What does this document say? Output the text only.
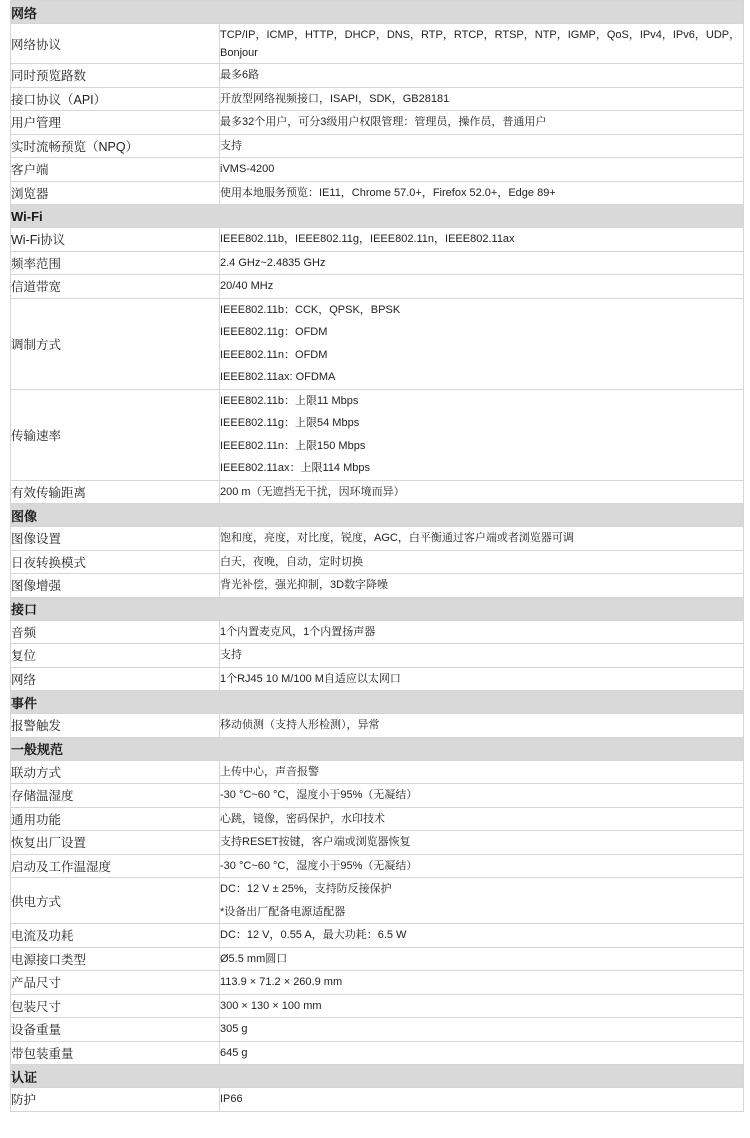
网络	
网络协议	TCP/IP，ICMP，HTTP，DHCP，DNS，RTP，RTCP，RTSP，NTP，IGMP，QoS，IPv4，IPv6，UDP，Bonjour

同时预览路数	最多6路

接口协议（API）	开放型网络视频接口，ISAPI，SDK，GB28181

用户管理	最多32个用户，可分3级用户权限管理：管理员，操作员，普通用户

实时流畅预览（NPQ）	支持

客户端	iVMS-4200

浏览器	使用本地服务预览：IE11，Chrome 57.0+，Firefox 52.0+，Edge 89+

Wi-Fi	
Wi-Fi协议	IEEE802.11b，IEEE802.11g，IEEE802.11n，IEEE802.11ax

频率范围	2.4 GHz~2.4835 GHz

信道带宽	20/40 MHz

调制方式	IEEE802.11b：CCK，QPSK，BPSK
IEEE802.11g：OFDM
IEEE802.11n：OFDM
IEEE802.11ax: OFDMA

传输速率	IEEE802.11b：上限11 Mbps
IEEE802.11g：上限54 Mbps
IEEE802.11n：上限150 Mbps
IEEE802.11ax：上限114 Mbps

有效传输距离	200 m（无遮挡无干扰，因环境而异）

图像	
图像设置	饱和度，亮度，对比度，锐度，AGC，白平衡通过客户端或者浏览器可调

日夜转换模式	白天，夜晚，自动，定时切换

图像增强	背光补偿，强光抑制，3D数字降噪

接口	
音频	1个内置麦克风，1个内置扬声器

复位	支持

网络	1个RJ45 10 M/100 M自适应以太网口

事件	
报警触发	移动侦测（支持人形检测），异常

一般规范	
联动方式	上传中心，声音报警

存储温湿度	-30 °C~60 °C，湿度小于95%（无凝结）

通用功能	心跳，镜像，密码保护，水印技术

恢复出厂设置	支持RESET按键，客户端或浏览器恢复

启动及工作温湿度	-30 °C~60 °C，湿度小于95%（无凝结）

供电方式	DC：12 V ± 25%，支持防反接保护
*设备出厂配备电源适配器

电流及功耗	DC：12 V，0.55 A，最大功耗：6.5 W

电源接口类型	Ø5.5 mm圆口

产品尺寸	113.9 × 71.2 × 260.9 mm

包装尺寸	300 × 130 × 100 mm

设备重量	305 g

带包装重量	645 g

认证	
防护	IP66
